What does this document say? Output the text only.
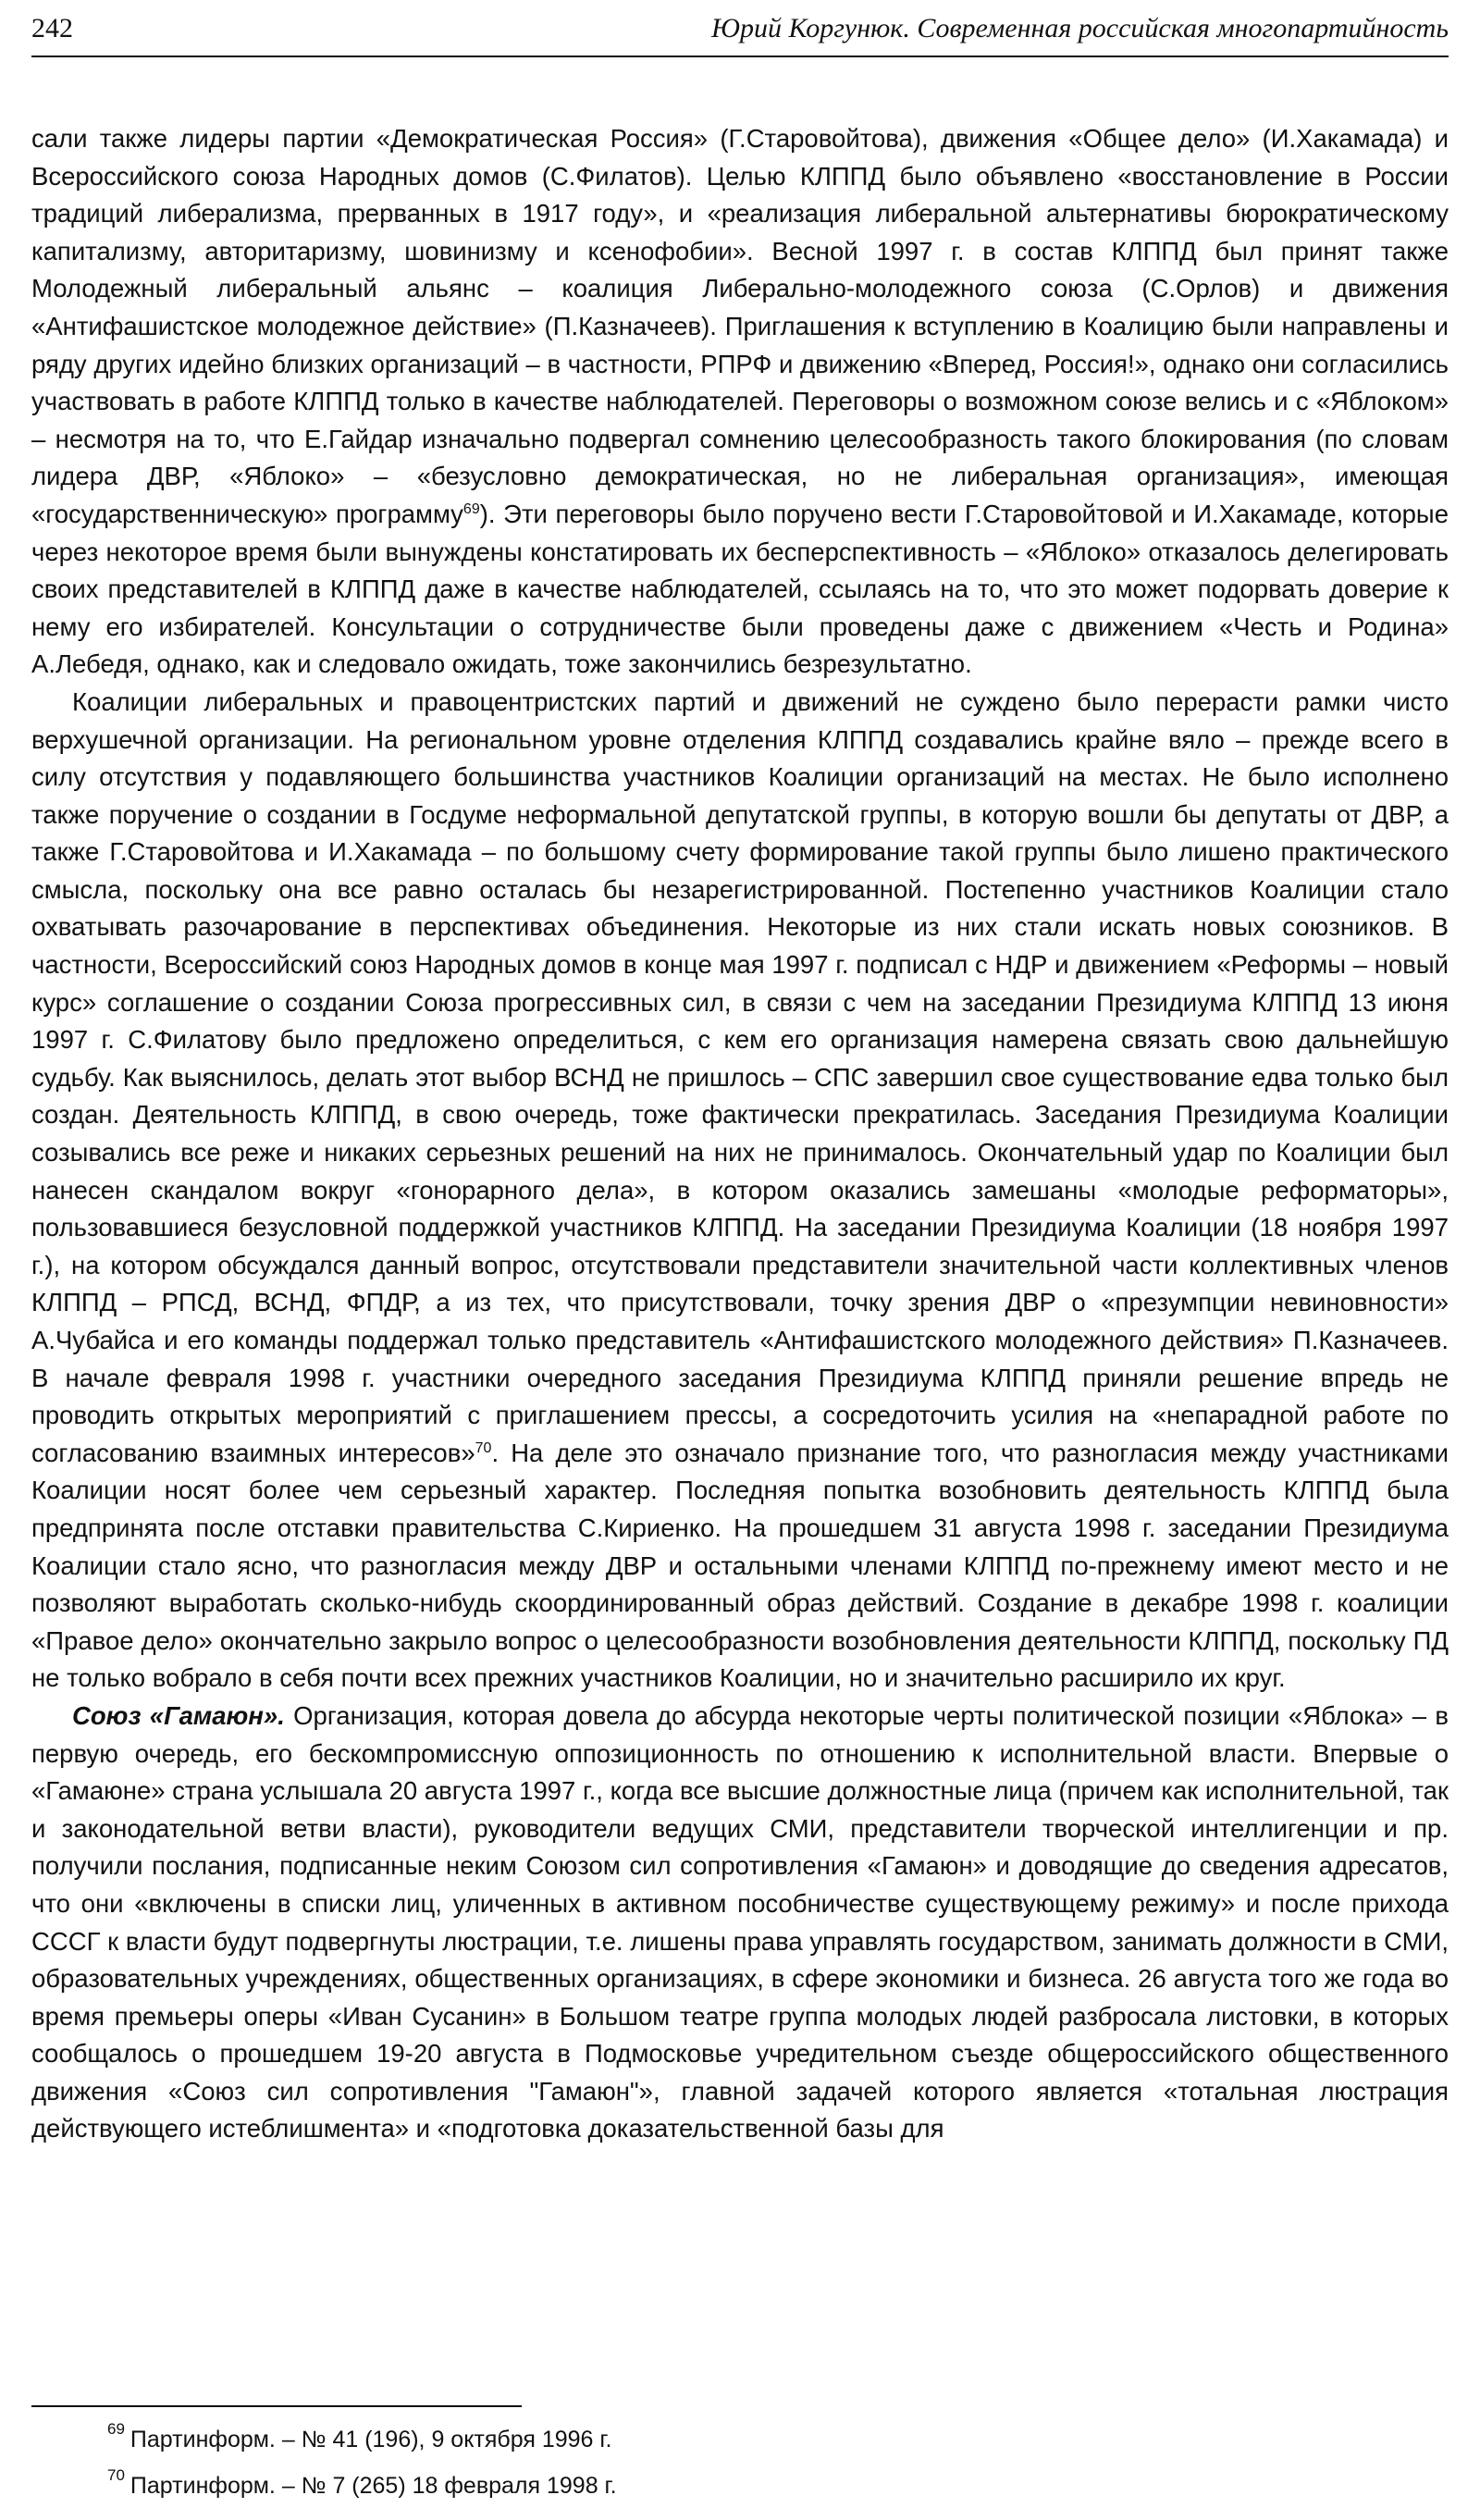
242	Юрий Коргунюк. Современная российская многопартийность

сали также лидеры партии «Демократическая Россия» (Г.Старовойтова), движения «Общее дело» (И.Хакамада) и Всероссийского союза Народных домов (С.Филатов). Целью КЛППД было объявлено «восстановление в России традиций либерализма, прерванных в 1917 году», и «реализация либеральной альтернативы бюрократическому капитализму, авторитаризму, шовинизму и ксенофобии». Весной 1997 г. в состав КЛППД был принят также Молодежный либеральный альянс – коалиция Либерально-молодежного союза (С.Орлов) и движения «Антифашистское молодежное действие» (П.Казначеев). Приглашения к вступлению в Коалицию были направлены и ряду других идейно близких организаций – в частности, РПРФ и движению «Вперед, Россия!», однако они согласились участвовать в работе КЛППД только в качестве наблюдателей. Переговоры о возможном союзе велись и с «Яблоком» – несмотря на то, что Е.Гайдар изначально подвергал сомнению целесообразность такого блокирования (по словам лидера ДВР, «Яблоко» – «безусловно демократическая, но не либеральная организация», имеющая «государственническую» программу$^{69}$). Эти переговоры было поручено вести Г.Старовойтовой и И.Хакамаде, которые через некоторое время были вынуждены констатировать их бесперспективность – «Яблоко» отказалось делегировать своих представителей в КЛППД даже в качестве наблюдателей, ссылаясь на то, что это может подорвать доверие к нему его избирателей. Консультации о сотрудничестве были проведены даже с движением «Честь и Родина» А.Лебедя, однако, как и следовало ожидать, тоже закончились безрезультатно.

Коалиции либеральных и правоцентристских партий и движений не суждено было перерасти рамки чисто верхушечной организации. На региональном уровне отделения КЛППД создавались крайне вяло – прежде всего в силу отсутствия у подавляющего большинства участников Коалиции организаций на местах. Не было исполнено также поручение о создании в Госдуме неформальной депутатской группы, в которую вошли бы депутаты от ДВР, а также Г.Старовойтова и И.Хакамада – по большому счету формирование такой группы было лишено практического смысла, поскольку она все равно осталась бы незарегистрированной. Постепенно участников Коалиции стало охватывать разочарование в перспективах объединения. Некоторые из них стали искать новых союзников. В частности, Всероссийский союз Народных домов в конце мая 1997 г. подписал с НДР и движением «Реформы – новый курс» соглашение о создании Союза прогрессивных сил, в связи с чем на заседании Президиума КЛППД 13 июня 1997 г. С.Филатову было предложено определиться, с кем его организация намерена связать свою дальнейшую судьбу. Как выяснилось, делать этот выбор ВСНД не пришлось – СПС завершил свое существование едва только был создан. Деятельность КЛППД, в свою очередь, тоже фактически прекратилась. Заседания Президиума Коалиции созывались все реже и никаких серьезных решений на них не принималось. Окончательный удар по Коалиции был нанесен скандалом вокруг «гонорарного дела», в котором оказались замешаны «молодые реформаторы», пользовавшиеся безусловной поддержкой участников КЛППД. На заседании Президиума Коалиции (18 ноября 1997 г.), на котором обсуждался данный вопрос, отсутствовали представители значительной части коллективных членов КЛППД – РПСД, ВСНД, ФПДР, а из тех, что присутствовали, точку зрения ДВР о «презумпции невиновности» А.Чубайса и его команды поддержал только представитель «Антифашистского молодежного действия» П.Казначеев. В начале февраля 1998 г. участники очередного заседания Президиума КЛППД приняли решение впредь не проводить открытых мероприятий с приглашением прессы, а сосредоточить усилия на «непарадной работе по согласованию взаимных интересов»$^{70}$. На деле это означало признание того, что разногласия между участниками Коалиции носят более чем серьезный характер. Последняя попытка возобновить деятельность КЛППД была предпринята после отставки правительства С.Кириенко. На прошедшем 31 августа 1998 г. заседании Президиума Коалиции стало ясно, что разногласия между ДВР и остальными членами КЛППД по-прежнему имеют место и не позволяют выработать сколько-нибудь скоординированный образ действий. Создание в декабре 1998 г. коалиции «Правое дело» окончательно закрыло вопрос о целесообразности возобновления деятельности КЛППД, поскольку ПД не только вобрало в себя почти всех прежних участников Коалиции, но и значительно расширило их круг.

Союз «Гамаюн». Организация, которая довела до абсурда некоторые черты политической позиции «Яблока» – в первую очередь, его бескомпромиссную оппозиционность по отношению к исполнительной власти. Впервые о «Гамаюне» страна услышала 20 августа 1997 г., когда все высшие должностные лица (причем как исполнительной, так и законодательной ветви власти), руководители ведущих СМИ, представители творческой интеллигенции и пр. получили послания, подписанные неким Союзом сил сопротивления «Гамаюн» и доводящие до сведения адресатов, что они «включены в списки лиц, уличенных в активном пособничестве существующему режиму» и после прихода СССГ к власти будут подвергнуты люстрации, т.е. лишены права управлять государством, занимать должности в СМИ, образовательных учреждениях, общественных организациях, в сфере экономики и бизнеса. 26 августа того же года во время премьеры оперы «Иван Сусанин» в Большом театре группа молодых людей разбросала листовки, в которых сообщалось о прошедшем 19-20 августа в Подмосковье учредительном съезде общероссийского общественного движения «Союз сил сопротивления "Гамаюн"», главной задачей которого является «тотальная люстрация действующего истеблишмента» и «подготовка доказательственной базы для

$^{69}$ Партинформ. – № 41 (196), 9 октября 1996 г.
$^{70}$ Партинформ. – № 7 (265) 18 февраля 1998 г.
